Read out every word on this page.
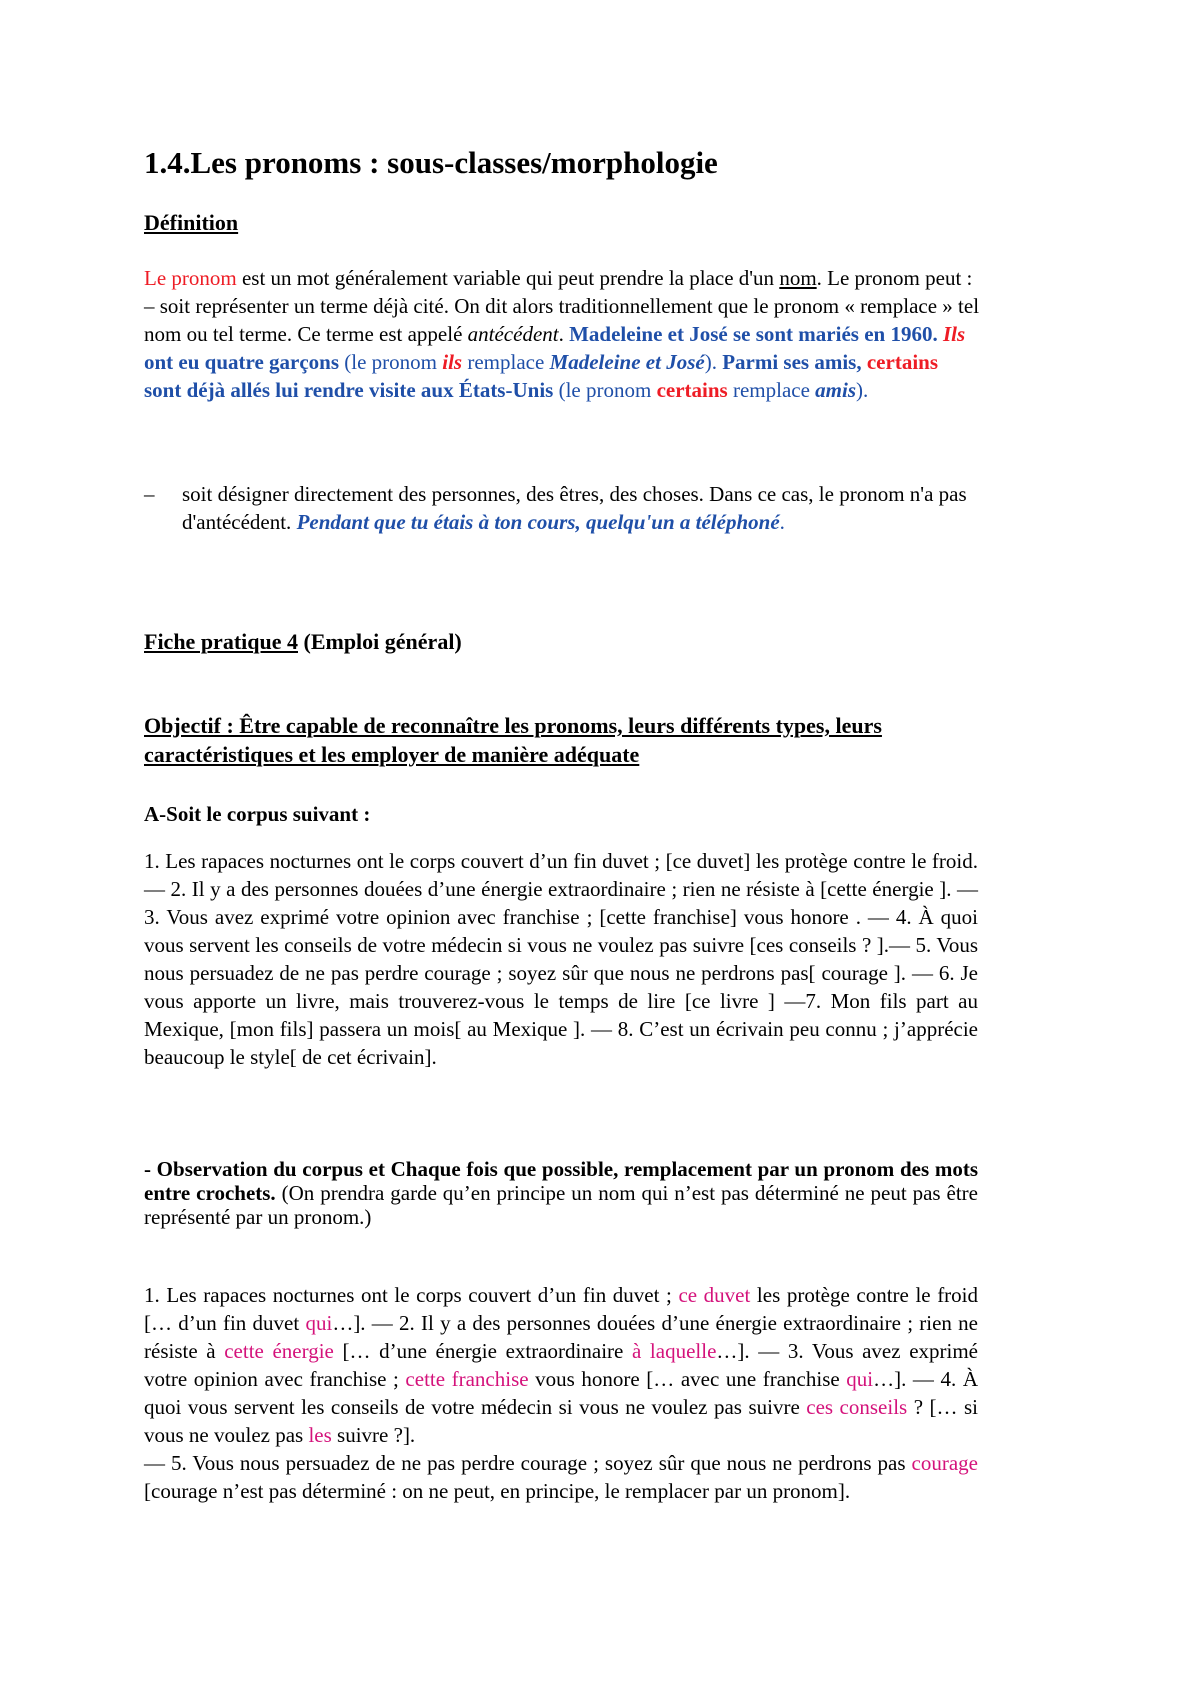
1.4.Les pronoms : sous-classes/morphologie

Définition

Le pronom est un mot généralement variable qui peut prendre la place d'un nom. Le pronom peut :
– soit représenter un terme déjà cité. On dit alors traditionnellement que le pronom « remplace » tel nom ou tel terme. Ce terme est appelé antécédent. Madeleine et José se sont mariés en 1960. Ils ont eu quatre garçons (le pronom ils remplace Madeleine et José). Parmi ses amis, certains sont déjà allés lui rendre visite aux États-Unis (le pronom certains remplace amis).
–	soit désigner directement des personnes, des êtres, des choses. Dans ce cas, le pronom n'a pas d'antécédent. Pendant que tu étais à ton cours, quelqu'un a téléphoné.

Fiche pratique 4 (Emploi général)

Objectif : Être capable de reconnaître les pronoms, leurs différents types, leurs caractéristiques et les employer de manière adéquate

A-Soit le corpus suivant :

1. Les rapaces nocturnes ont le corps couvert d’un fin duvet ; [ce duvet] les protège contre le froid. — 2. Il y a des personnes douées d’une énergie extraordinaire ; rien ne résiste à [cette énergie ]. — 3. Vous avez exprimé votre opinion avec franchise ; [cette franchise] vous honore . — 4. À quoi vous servent les conseils de votre médecin si vous ne voulez pas suivre [ces conseils ? ].— 5. Vous nous persuadez de ne pas perdre courage ; soyez sûr que nous ne perdrons pas[ courage ]. — 6. Je vous apporte un livre, mais trouverez-vous le temps de lire [ce livre ] —7. Mon fils part au Mexique, [mon fils] passera un mois[ au Mexique ]. — 8. C’est un écrivain peu connu ; j’apprécie beaucoup le style[ de cet écrivain].
- Observation du corpus et Chaque fois que possible, remplacement par un pronom des mots entre crochets. (On prendra garde qu’en principe un nom qui n’est pas déterminé ne peut pas être représenté par un pronom.)
1. Les rapaces nocturnes ont le corps couvert d’un fin duvet ; ce duvet les protège contre le froid [… d’un fin duvet qui…]. — 2. Il y a des personnes douées d’une énergie extraordinaire ; rien ne résiste à cette énergie [… d’une énergie extraordinaire à laquelle…]. — 3. Vous avez exprimé votre opinion avec franchise ; cette franchise vous honore [… avec une franchise qui…]. — 4. À quoi vous servent les conseils de votre médecin si vous ne voulez pas suivre ces conseils ? [… si vous ne voulez pas les suivre ?].
— 5. Vous nous persuadez de ne pas perdre courage ; soyez sûr que nous ne perdrons pas courage [courage n’est pas déterminé : on ne peut, en principe, le remplacer par un pronom].
